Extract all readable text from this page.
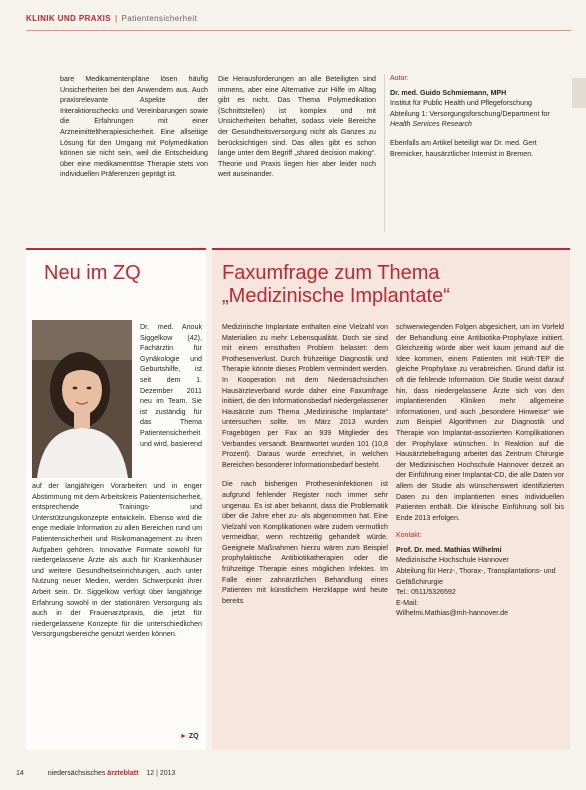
KLINIK UND PRAXIS | Patientensicherheit

bare Medikamentenpläne lösen häufig Unsicherheiten bei den Anwendern aus. Auch praxisrelevante Aspekte der Interaktionschecks und Vereinbarungen sowie die Erfahrungen mit einer Arzneimitteltherapiesicherheit. Eine allseitige Lösung für den Umgang mit Polymedikation können sie nicht sein, weil die Entscheidung über eine medikamentöse Therapie stets von individuellen Präferenzen geprägt ist.

Die Herausforderungen an alle Beteiligten sind immens, aber eine Alternative zur Hilfe im Alltag gibt es nicht. Das Thema Polymedikation (Schnittstellen) ist komplex und mit Unsicherheiten behaftet, sodass viele Bereiche der Gesundheitsversorgung nicht als Ganzes zu berücksichtigen sind. Das alles gibt es schon lange unter dem Begriff „shared decision making“. Theorie und Praxis liegen hier aber leider noch weit auseinander.

Autor:

Dr. med. Guido Schmiemann, MPH

Institut für Public Health und Pflegeforschung

Abteilung 1: Versorgungsforschung/Department for Health Services Research

Ebenfalls am Artikel beteiligt war Dr. med. Gert Bremicker, hausärztlicher Internist in Bremen.

Neu im ZQ

Dr. med. Anouk Siggelkow (42), Fachärztin für Gynäkologie und Geburtshilfe, ist seit dem 1. Dezember 2011 neu im Team. Sie ist zuständig für das Thema Patientensicherheit und wird, basierend

auf der langjährigen Vorarbeiten und in enger Abstimmung mit dem Arbeitskreis Patientensicherheit, entsprechende Trainings- und Unterstützungskonzepte entwickeln. Ebenso wird die enge mediale Information zu allen Bereichen rund um Patientensicherheit und Risikomanagement zu ihren Aufgaben gehören. Innovative Formate sowohl für niedergelassene Ärzte als auch für Krankenhäuser und weitere Gesundheitseinrichtungen, auch unter Nutzung neuer Medien, werden Schwerpunkt ihrer Arbeit sein. Dr. Siggelkow verfügt über langjährige Erfahrung sowohl in der stationären Versorgung als auch in der Frauenarztpraxis, die jetzt für niedergelassene Konzepte für die unterschiedlichen Versorgungsbereiche genutzt werden können.

► ZQ
Faxumfrage zum Thema
„Medizinische Implantate“

Medizinische Implantate enthalten eine Vielzahl von Materialien zu mehr Lebensqualität. Doch sie sind mit einem ernsthaften Problem belastet: dem Prothesenverlust. Durch frühzeitige Diagnostik und Therapie könnte dieses Problem vermindert werden. In Kooperation mit dem Niedersächsischen Hausärzteverband wurde daher eine Faxumfrage initiiert, die den Informationsbedarf niedergelassener Hausärzte zum Thema „Medizinische Implantate“ untersuchen sollte. Im März 2013 wurden Fragebögen per Fax an 939 Mitglieder des Verbandes versandt. Beantwortet wurden 101 (10,8 Prozent). Daraus wurde errechnet, in welchen Bereichen besonderer Informationsbedarf besteht.

Die nach bisherigen Protheseninfektionen ist aufgrund fehlender Register noch immer sehr ungenau. Es ist aber bekannt, dass die Problematik über die Jahre eher zu- als abgenommen hat. Eine Vielzahl von Komplikationen wäre zudem vermutlich vermeidbar, wenn rechtzeitig gehandelt würde. Geeignete Maßnahmen hierzu wären zum Beispiel prophylaktische Antibiotikatherapien oder die frühzeitige Therapie eines möglichen Infektes. Im Falle einer zahnärztlichen Behandlung eines Patienten mit künstlichem Herzklappe wird heute bereits

schwerwiegenden Folgen abgesichert, um im Vorfeld der Behandlung eine Antibiotika-Prophylaxe initiiert. Gleichzeitig würde aber weit kaum jemand auf die Idee kommen, einem Patienten mit Hüft-TEP die gleiche Prophylaxe zu verabreichen. Grund dafür ist oft die fehlende Information. Die Studie weist darauf hin, dass niedergelassene Ärzte sich von den implantierenden Kliniken mehr allgemeine Informationen, und auch „besondere Hinweise“ wie zum Beispiel Algorithmen zur Diagnostik und Therapie von Implantat-assoziierten Komplikationen der Prophylaxe wünschen. In Reaktion auf die Hausärztebefragung arbeitet das Zentrum Chirurgie der Medizinischen Hochschule Hannover derzeit an der Einführung einer Implantat-CD, die alle Daten vor allem der Studie als wünschenswert identifizierten Daten zu den implantierten eines individuellen Patienten enthält. Die klinische Einführung soll bis Ende 2013 erfolgen.

Kontakt:

Prof. Dr. med. Mathias Wilhelmi

Medizinische Hochschule Hannover

Abteilung für Herz-, Thorax-, Transplantations- und Gefäßchirurgie

Tel.: 0511/5326592

E-Mail:

Wilhelmi.Mathias@mh-hannover.de

14	niedersächsisches ärzteblatt 12 | 2013
